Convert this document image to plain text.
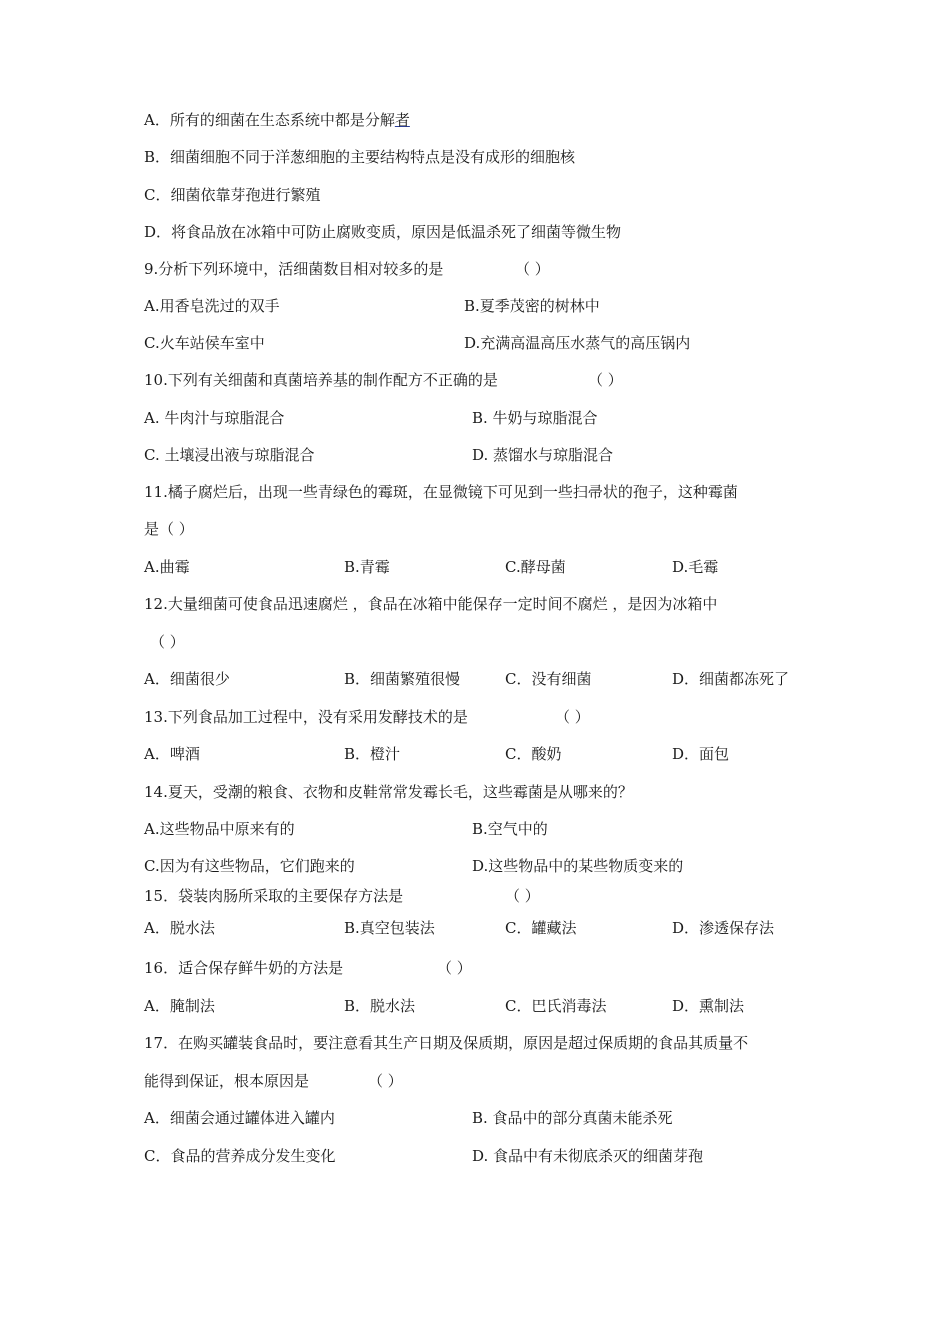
A．所有的细菌在生态系统中都是分解者
B．细菌细胞不同于洋葱细胞的主要结构特点是没有成形的细胞核
C．细菌依靠芽孢进行繁殖
D．将食品放在冰箱中可防止腐败变质，原因是低温杀死了细菌等微生物
9.分析下列环境中，活细菌数目相对较多的是	（ ）
A.用香皂洗过的双手	B.夏季茂密的树林中
C.火车站侯车室中	D.充满高温高压水蒸气的高压锅内
10.下列有关细菌和真菌培养基的制作配方不正确的是	（ ）
A. 牛肉汁与琼脂混合	B. 牛奶与琼脂混合
C. 土壤浸出液与琼脂混合	D. 蒸馏水与琼脂混合
11.橘子腐烂后，出现一些青绿色的霉斑，在显微镜下可见到一些扫帚状的孢子，这种霉菌
是（ ）
A.曲霉	B.青霉	C.酵母菌	D.毛霉
12.大量细菌可使食品迅速腐烂 ，食品在冰箱中能保存一定时间不腐烂 ，是因为冰箱中
（ ）
A．细菌很少	B．细菌繁殖很慢	C．没有细菌	D．细菌都冻死了
13.下列食品加工过程中，没有采用发酵技术的是	（ ）
A．啤酒	B．橙汁	C．酸奶	D．面包
14.夏天，受潮的粮食、衣物和皮鞋常常发霉长毛，这些霉菌是从哪来的？
A.这些物品中原来有的	B.空气中的
C.因为有这些物品，它们跑来的	D.这些物品中的某些物质变来的
15．袋装肉肠所采取的主要保存方法是	（ ）
A．脱水法	B.真空包装法	C．罐藏法	D．渗透保存法
16．适合保存鲜牛奶的方法是	（ ）
A．腌制法	B．脱水法	C．巴氏消毒法	D．熏制法
17．在购买罐装食品时，要注意看其生产日期及保质期，原因是超过保质期的食品其质量不
能得到保证，根本原因是	（ ）
A．细菌会通过罐体进入罐内	B. 食品中的部分真菌未能杀死
C．食品的营养成分发生变化	D. 食品中有未彻底杀灭的细菌芽孢
